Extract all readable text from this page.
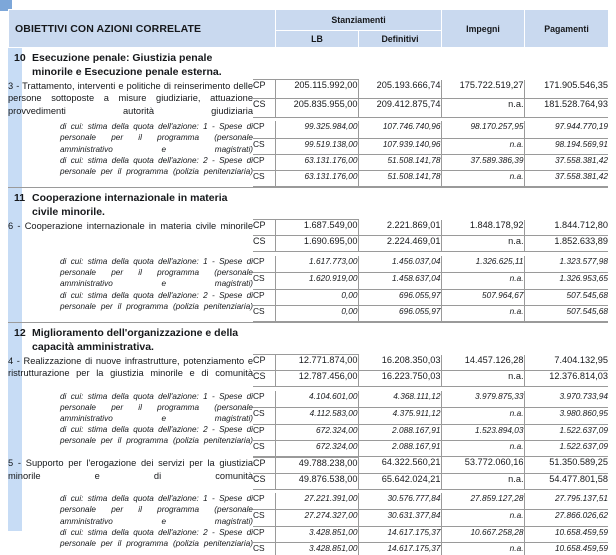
OBIETTIVI CON AZIONI CORRELATE	Stanziamenti		Impegni	Pagamenti
	LB	Definitivi		
10 Esecuzione penale: Giustizia penale minorile e Esecuzione penale esterna.
3 - Trattamento, interventi e politiche di reinserimento delle persone sottoposte a misure giudiziarie, attuazione provvedimenti autorità giudiziaria	CP	205.115.992,00	205.193.666,74	175.722.519,27	171.905.546,35
	CS	205.835.955,00	209.412.875,74	n.a.	181.528.764,93

di cui: stima della quota dell'azione: 1 - Spese di personale per il programma (personale amministrativo e magistrati)	CP	99.325.984,00	107.746.740,96	98.170.257,95	97.944.770,19
	CS	99.519.138,00	107.939.140,96	n.a.	98.194.569,91
di cui: stima della quota dell'azione: 2 - Spese di personale per il programma (polizia penitenziaria)	CP	63.131.176,00	51.508.141,78	37.589.386,39	37.558.381,42
	CS	63.131.176,00	51.508.141,78	n.a.	37.558.381,42
11 Cooperazione internazionale in materia civile minorile.
6 - Cooperazione internazionale in materia civile minorile	CP	1.687.549,00	2.221.869,01	1.848.178,92	1.844.712,80
	CS	1.690.695,00	2.224.469,01	n.a.	1.852.633,89

di cui: stima della quota dell'azione: 1 - Spese di personale per il programma (personale amministrativo e magistrati)	CP	1.617.773,00	1.456.037,04	1.326.625,11	1.323.577,98
	CS	1.620.919,00	1.458.637,04	n.a.	1.326.953,65
di cui: stima della quota dell'azione: 2 - Spese di personale per il programma (polizia penitenziaria)	CP	0,00	696.055,97	507.964,67	507.545,68
	CS	0,00	696.055,97	n.a.	507.545,68
12 Miglioramento dell'organizzazione e della capacità amministrativa.
4 - Realizzazione di nuove infrastrutture, potenziamento e ristrutturazione per la giustizia minorile e di comunità	CP	12.771.874,00	16.208.350,03	14.457.126,28	7.404.132,95
	CS	12.787.456,00	16.223.750,03	n.a.	12.376.814,03

di cui: stima della quota dell'azione: 1 - Spese di personale per il programma (personale amministrativo e magistrati)	CP	4.104.601,00	4.368.111,12	3.979.875,33	3.970.733,94
	CS	4.112.583,00	4.375.911,12	n.a.	3.980.860,95
di cui: stima della quota dell'azione: 2 - Spese di personale per il programma (polizia penitenziaria)	CP	672.324,00	2.088.167,91	1.523.894,03	1.522.637,09
	CS	672.324,00	2.088.167,91	n.a.	1.522.637,09
5 - Supporto per l'erogazione dei servizi per la giustizia minorile e di comunità	CP	49.788.238,00	64.322.560,21	53.772.060,16	51.350.589,25
	CS	49.876.538,00	65.642.024,21	n.a.	54.477.801,58

di cui: stima della quota dell'azione: 1 - Spese di personale per il programma (personale amministrativo e magistrati)	CP	27.221.391,00	30.576.777,84	27.859.127,28	27.795.137,51
	CS	27.274.327,00	30.631.377,84	n.a.	27.866.026,62
di cui: stima della quota dell'azione: 2 - Spese di personale per il programma (polizia penitenziaria)	CP	3.428.851,00	14.617.175,37	10.667.258,28	10.658.459,59
	CS	3.428.851,00	14.617.175,37	n.a.	10.658.459,59
